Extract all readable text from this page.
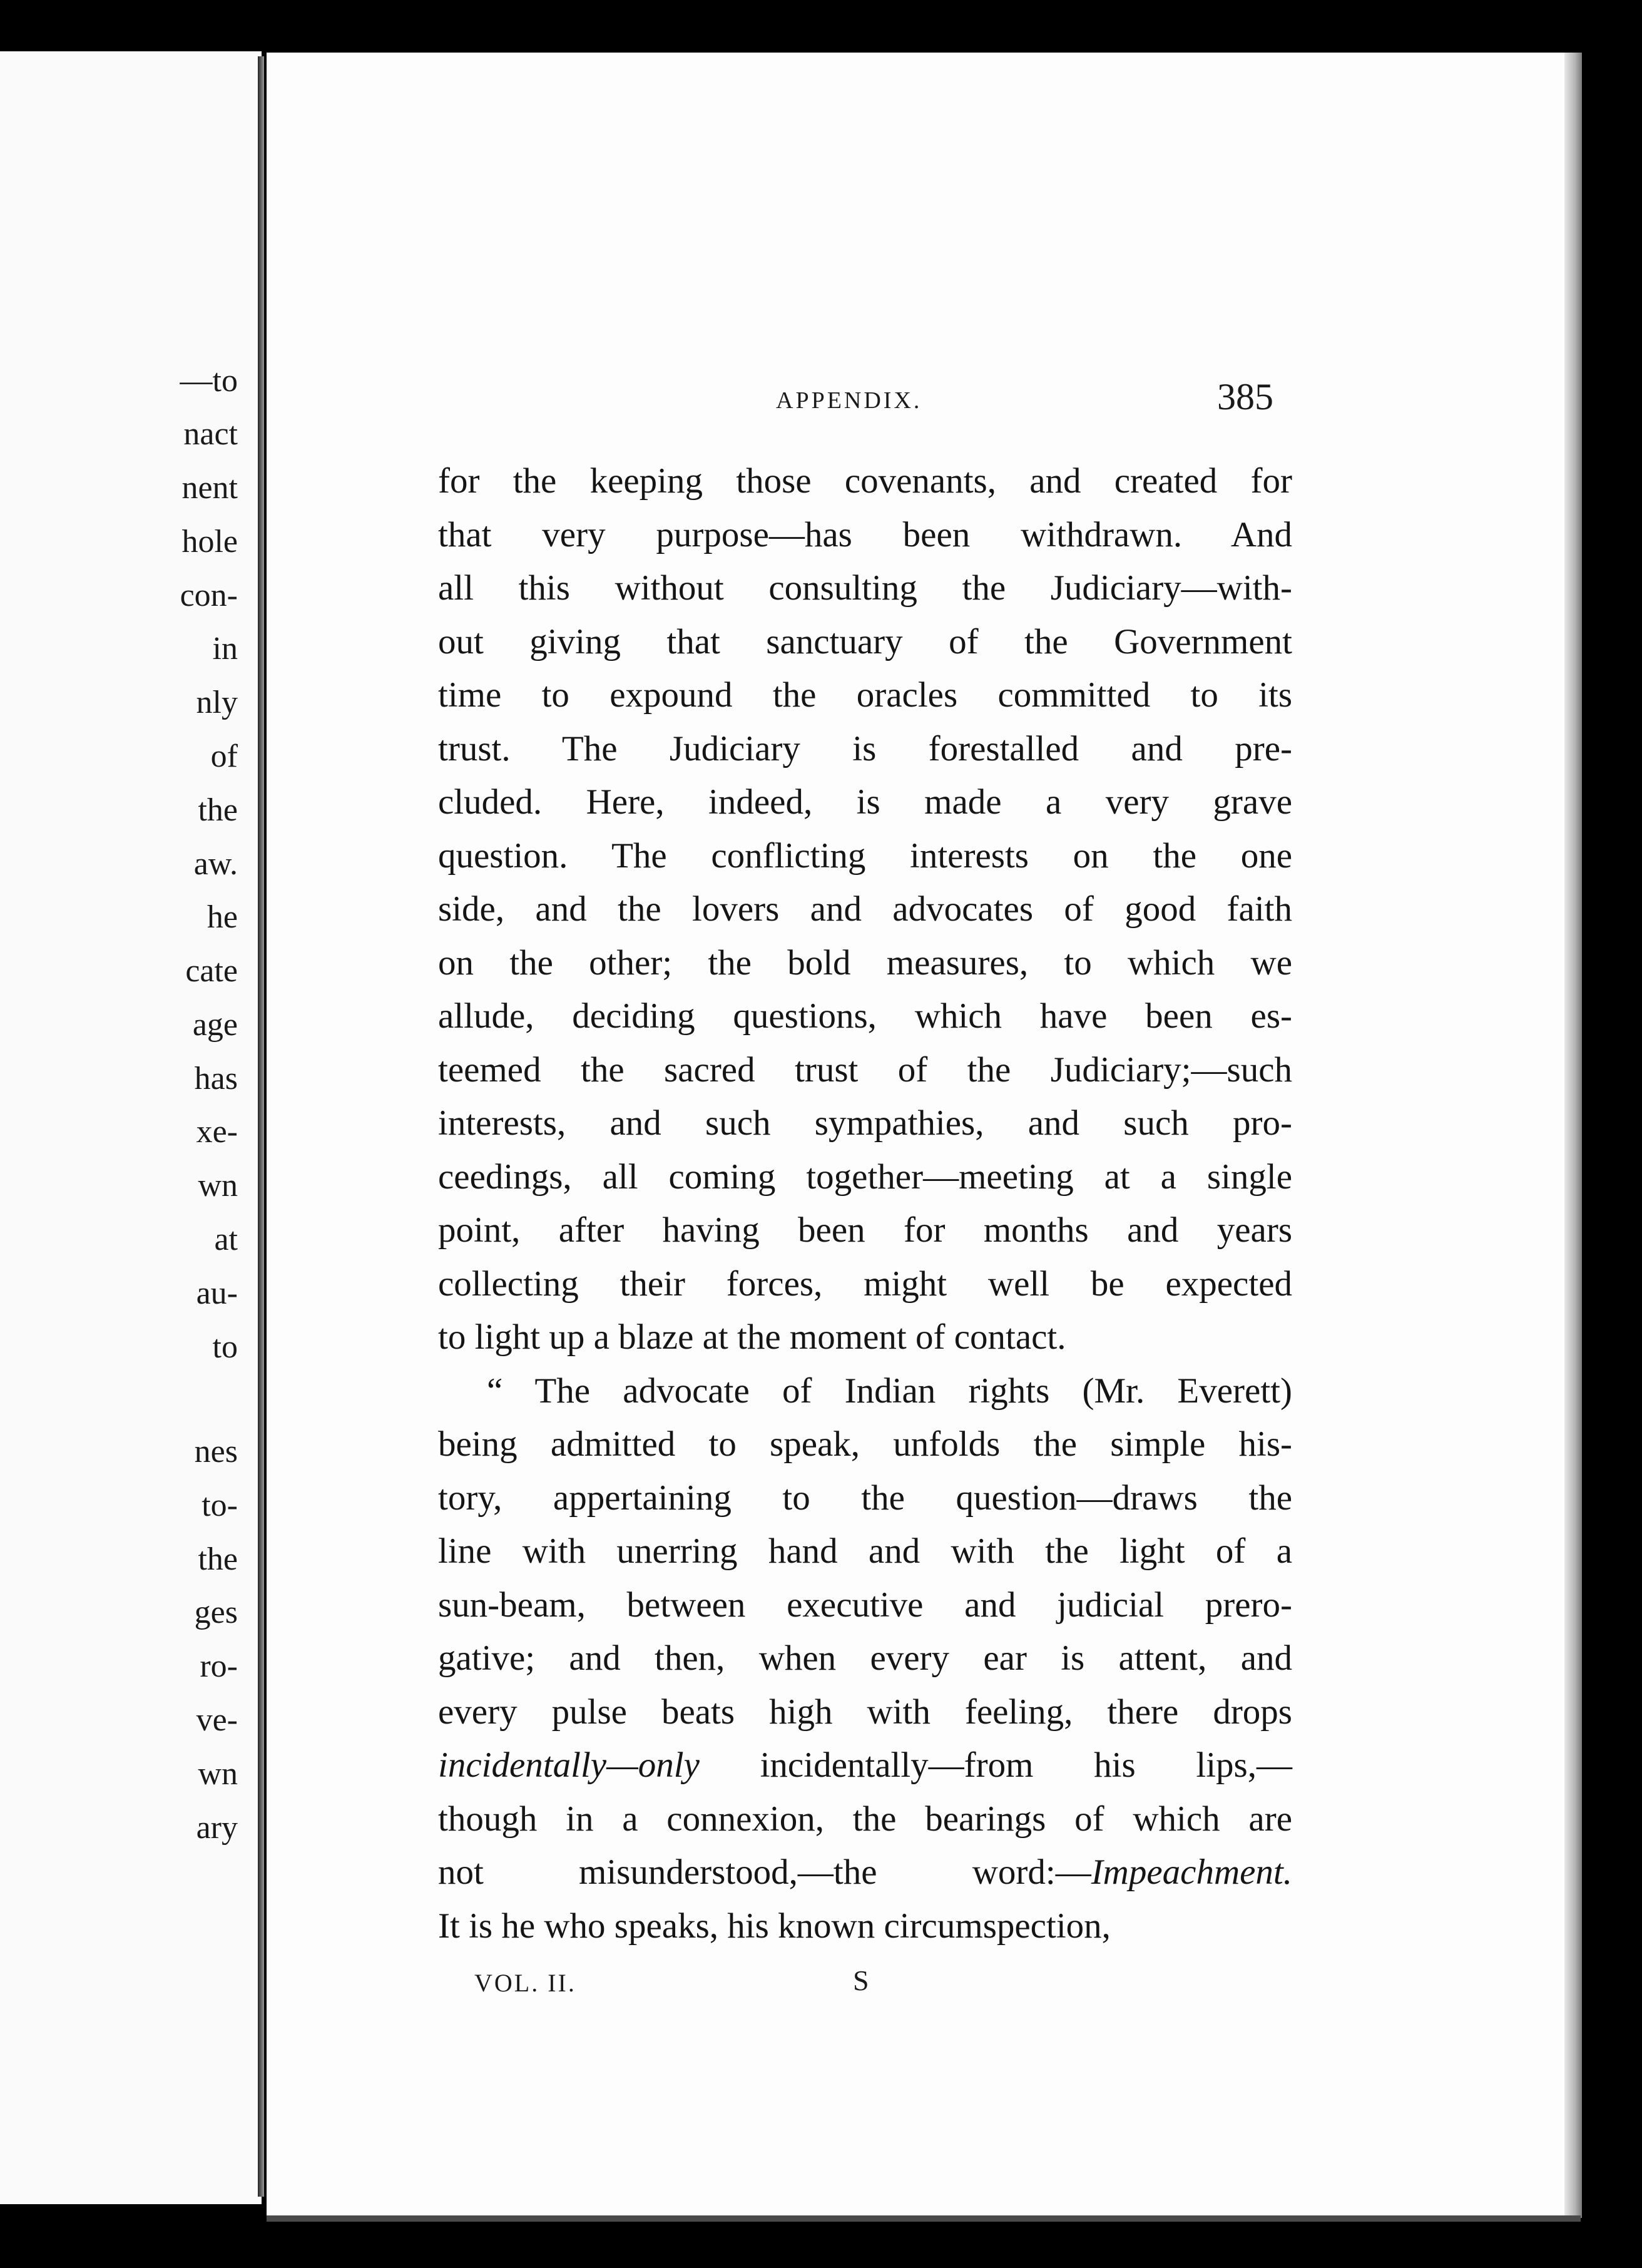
—to
nact
nent
hole
con-
in
nly
of
the
aw.
he
cate
age
has
xe-
wn
at
au-
to
nes
to-
the
ges
ro-
ve-
wn
ary
APPENDIX.	385
for the keeping those covenants, and created for
that very purpose—has been withdrawn. And
all this without consulting the Judiciary—with-
out giving that sanctuary of the Government
time to expound the oracles committed to its
trust. The Judiciary is forestalled and pre-
cluded. Here, indeed, is made a very grave
question. The conflicting interests on the one
side, and the lovers and advocates of good faith
on the other; the bold measures, to which we
allude, deciding questions, which have been es-
teemed the sacred trust of the Judiciary;—such
interests, and such sympathies, and such pro-
ceedings, all coming together—meeting at a single
point, after having been for months and years
collecting their forces, might well be expected
to light up a blaze at the moment of contact.
“ The advocate of Indian rights (Mr. Everett)
being admitted to speak, unfolds the simple his-
tory, appertaining to the question—draws the
line with unerring hand and with the light of a
sun-beam, between executive and judicial prero-
gative; and then, when every ear is attent, and
every pulse beats high with feeling, there drops
incidentally—only incidentally—from his lips,—
though in a connexion, the bearings of which are
not misunderstood,—the word:—Impeachment.
It is he who speaks, his known circumspection,
VOL. II.	S
